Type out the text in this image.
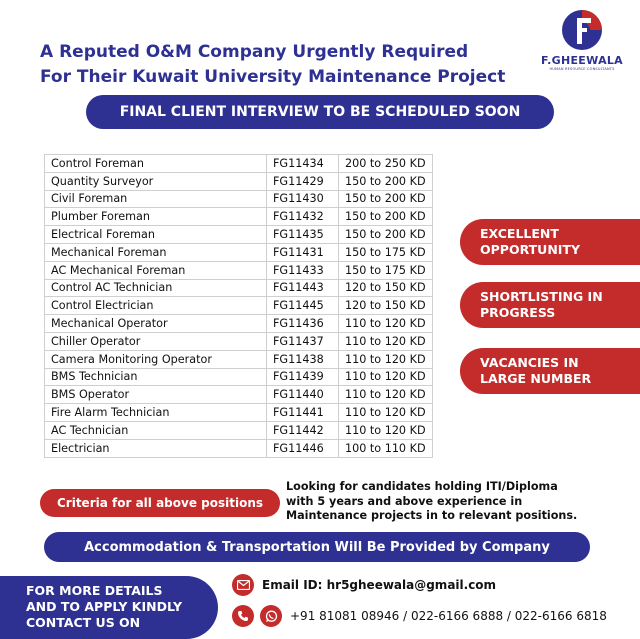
A Reputed O&M Company Urgently Required
For Their Kuwait University Maintenance Project
F.GHEEWALA
HUMAN RESOURCE CONSULTANTS
FINAL CLIENT INTERVIEW TO BE SCHEDULED SOON
Control Foreman	FG11434	200 to 250 KD
Quantity Surveyor	FG11429	150 to 200 KD
Civil Foreman	FG11430	150 to 200 KD
Plumber Foreman	FG11432	150 to 200 KD
Electrical Foreman	FG11435	150 to 200 KD
Mechanical Foreman	FG11431	150 to 175 KD
AC Mechanical Foreman	FG11433	150 to 175 KD
Control AC Technician	FG11443	120 to 150 KD
Control Electrician	FG11445	120 to 150 KD
Mechanical Operator	FG11436	110 to 120 KD
Chiller Operator	FG11437	110 to 120 KD
Camera Monitoring Operator	FG11438	110 to 120 KD
BMS Technician	FG11439	110 to 120 KD
BMS Operator	FG11440	110 to 120 KD
Fire Alarm Technician	FG11441	110 to 120 KD
AC Technician	FG11442	110 to 120 KD
Electrician	FG11446	100 to 110 KD
EXCELLENT
OPPORTUNITY
SHORTLISTING IN
PROGRESS
VACANCIES IN
LARGE NUMBER
Criteria for all above positions
Looking for candidates holding ITI/Diploma
with 5 years and above experience in
Maintenance projects in to relevant positions.
Accommodation & Transportation Will Be Provided by Company
FOR MORE DETAILS
AND TO APPLY KINDLY
CONTACT US ON
Email ID: hr5gheewala@gmail.com
+91 81081 08946 / 022-6166 6888 / 022-6166 6818
